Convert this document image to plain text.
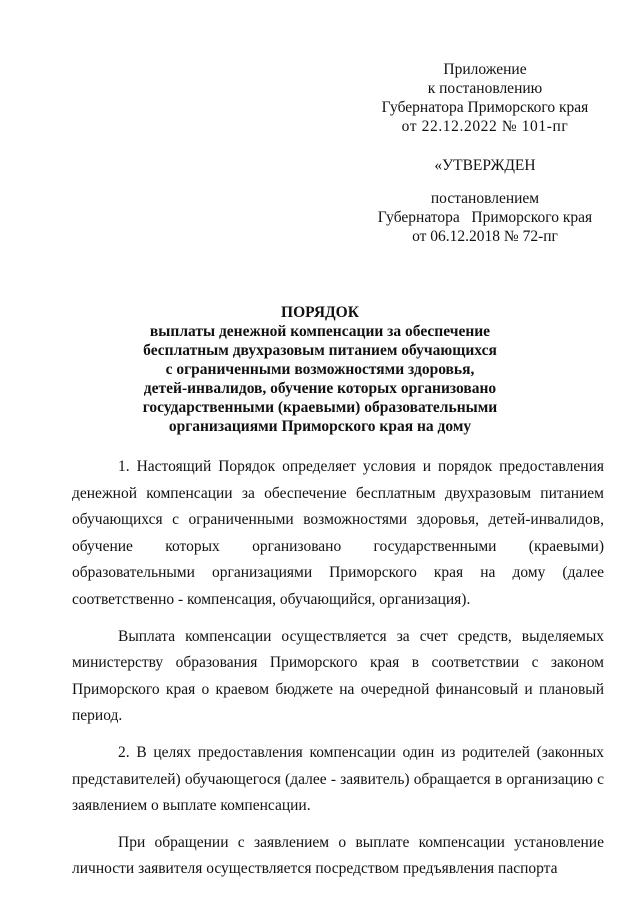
Приложение
к постановлению
Губернатора Приморского края
от 22.12.2022 № 101-пг
«УТВЕРЖДЕН
постановлением
Губернатора   Приморского края
от 06.12.2018 № 72-пг
ПОРЯДОК
выплаты денежной компенсации за обеспечение
бесплатным двухразовым питанием обучающихся
с ограниченными возможностями здоровья,
детей-инвалидов, обучение которых организовано
государственными (краевыми) образовательными
организациями Приморского края на дому

1. Настоящий Порядок определяет условия и порядок предоставления денежной компенсации за обеспечение бесплатным двухразовым питанием обучающихся с ограниченными возможностями здоровья, детей-инвалидов, обучение которых организовано государственными (краевыми) образовательными организациями Приморского края на дому (далее соответственно - компенсация, обучающийся, организация).

Выплата компенсации осуществляется за счет средств, выделяемых министерству образования Приморского края в соответствии с законом Приморского края о краевом бюджете на очередной финансовый и плановый период.

2. В целях предоставления компенсации один из родителей (законных представителей) обучающегося (далее - заявитель) обращается в организацию с заявлением о выплате компенсации.

При обращении с заявлением о выплате компенсации установление личности заявителя осуществляется посредством предъявления паспорта
